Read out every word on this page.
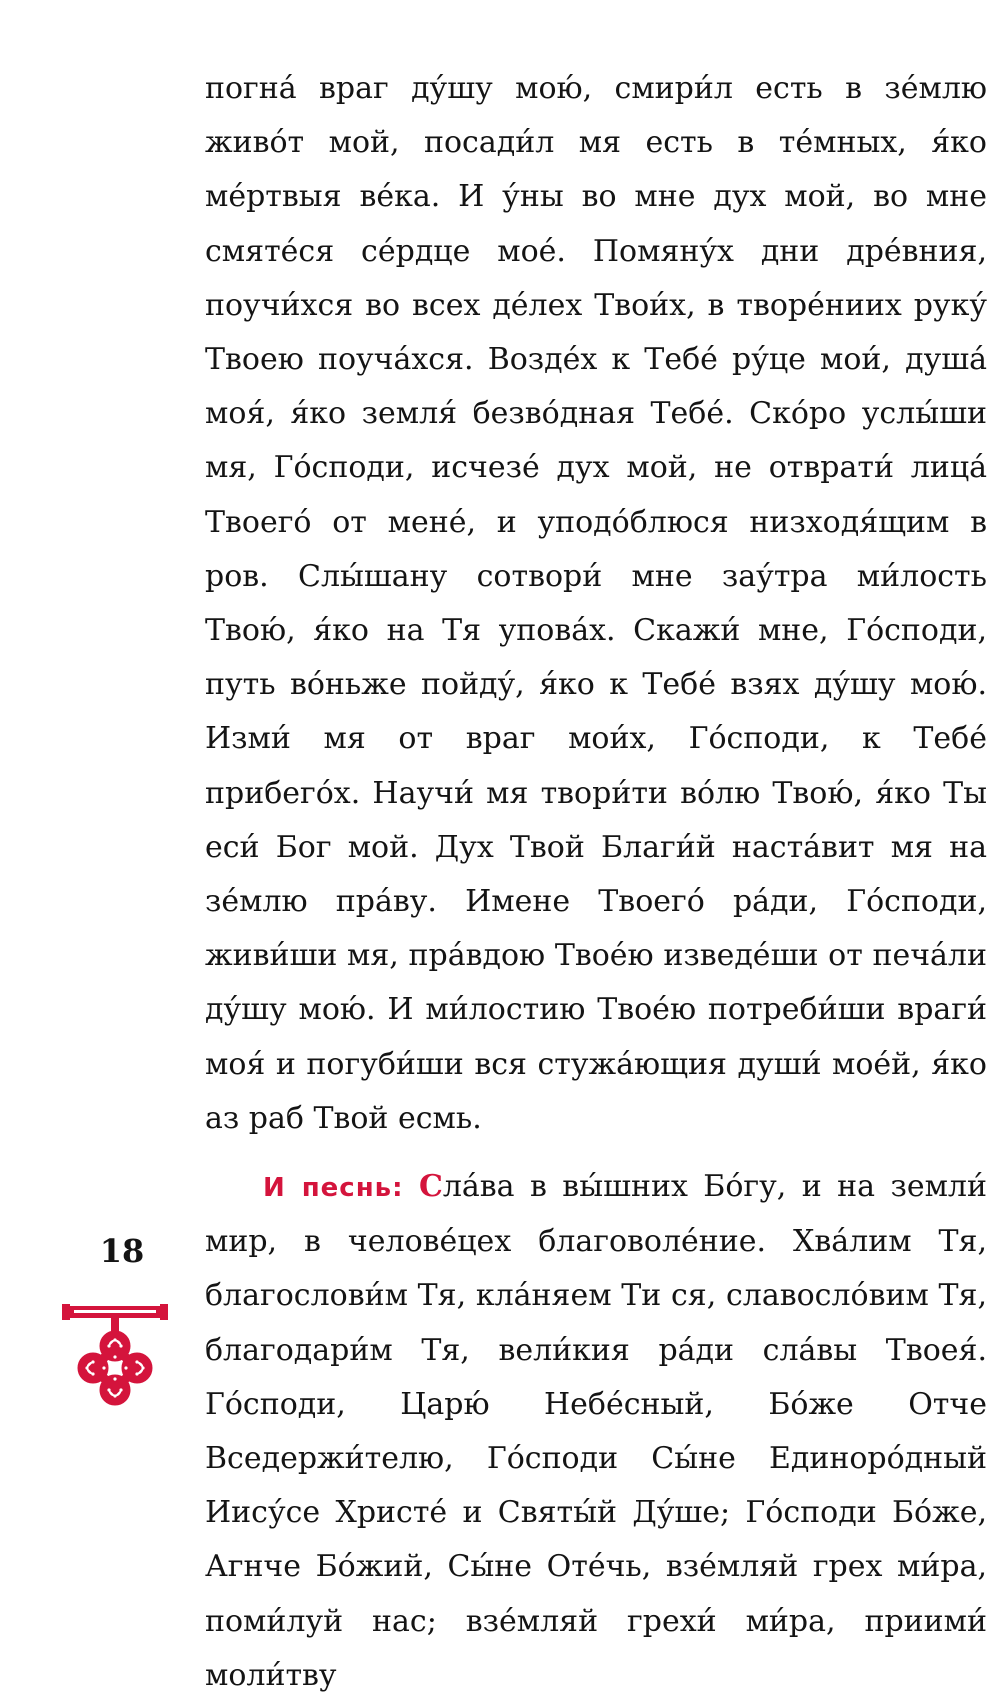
погна́ враг ду́шу мою́, смири́л есть в зе́млю живо́т мой, посади́л мя есть в те́мных, я́ко ме́ртвыя ве́ка. И у́ны во мне дух мой, во мне смяте́ся се́рдце мое́. Помяну́х дни дре́вния, поучи́хся во всех де́лех Твои́х, в творе́ниих руку́ Твоею поуча́хся. Возде́х к Тебе́ ру́це мои́, душа́ моя́, я́ко земля́ безво́дная Тебе́. Ско́ро услы́ши мя, Го́споди, исчезе́ дух мой, не отврати́ лица́ Твоего́ от мене́, и уподо́блюся низходя́щим в ров. Слы́шану сотвори́ мне зау́тра ми́лость Твою́, я́ко на Тя упова́х. Скажи́ мне, Го́споди, путь во́ньже пойду́, я́ко к Тебе́ взях ду́шу мою́. Изми́ мя от враг мои́х, Го́споди, к Тебе́ прибего́х. Научи́ мя твори́ти во́лю Твою́, я́ко Ты еси́ Бог мой. Дух Твой Благи́й наста́вит мя на зе́млю пра́ву. Имене Твоего́ ра́ди, Го́споди, живи́ши мя, пра́вдою Твое́ю изведе́ши от печа́ли ду́шу мою́. И ми́лостию Твое́ю потреби́ши враги́ моя́ и погуби́ши вся стужа́ющия души́ мое́й, я́ко аз раб Твой есмь.

И песнь: Сла́ва в вы́шних Бо́гу, и на земли́ мир, в челове́цех благоволе́ние. Хва́лим Тя, благослови́м Тя, кла́няем Ти ся, славосло́вим Тя, благодари́м Тя, вели́кия ра́ди сла́вы Твоея́. Го́споди, Царю́ Небе́сный, Бо́же Отче Вседержи́телю, Го́споди Сы́не Единоро́дный Иису́се Христе́ и Святы́й Ду́ше; Го́споди Бо́же, Агнче Бо́жий, Сы́не Оте́чь, взе́мляй грех ми́ра, поми́луй нас; взе́мляй грехи́ ми́ра, приими́ моли́тву

18
